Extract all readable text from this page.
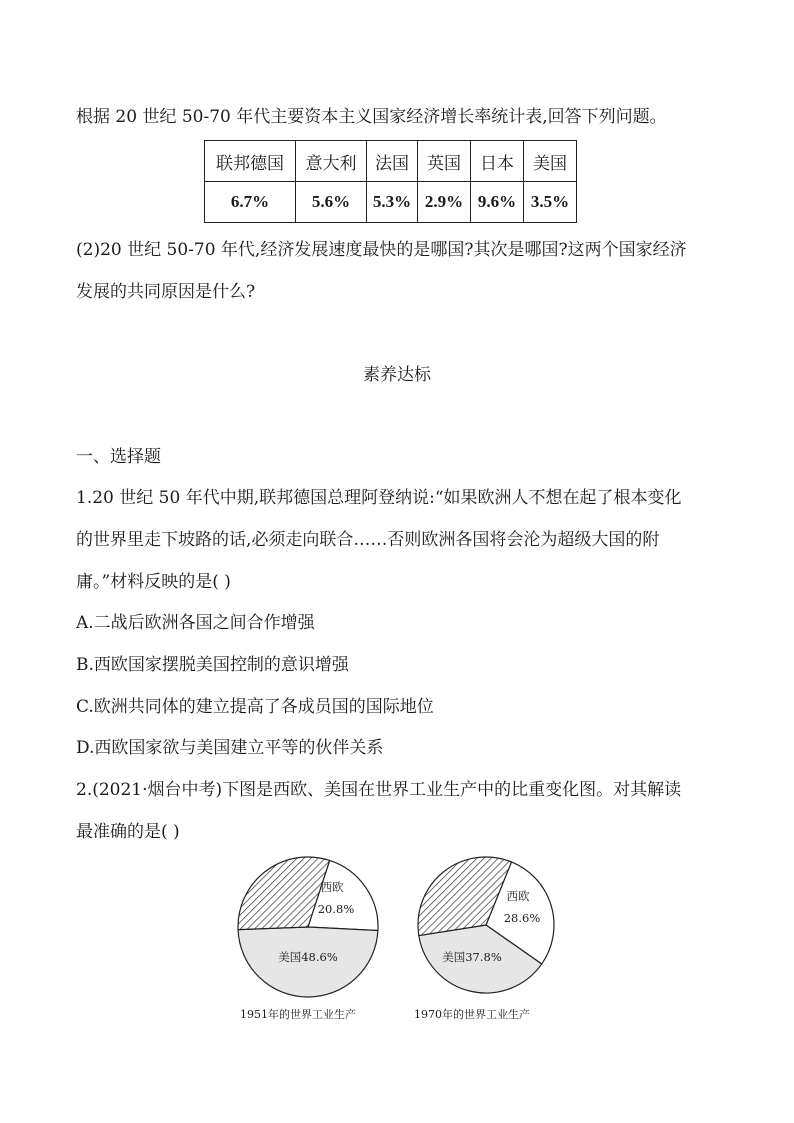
根据 20 世纪 50-70 年代主要资本主义国家经济增长率统计表,回答下列问题。
联邦德国	意大利	法国	英国	日本	美国
6.7%	5.6%	5.3%	2.9%	9.6%	3.5%
(2)20 世纪 50-70 年代,经济发展速度最快的是哪国?其次是哪国?这两个国家经济
发展的共同原因是什么?
素养达标
一、选择题
1.20 世纪 50 年代中期,联邦德国总理阿登纳说:“如果欧洲人不想在起了根本变化
的世界里走下坡路的话,必须走向联合……否则欧洲各国将会沦为超级大国的附
庸。”材料反映的是( )
A.二战后欧洲各国之间合作增强
B.西欧国家摆脱美国控制的意识增强
C.欧洲共同体的建立提高了各成员国的国际地位
D.西欧国家欲与美国建立平等的伙伴关系
2.(2021·烟台中考)下图是西欧、美国在世界工业生产中的比重变化图。对其解读
最准确的是( )
西欧
20.8%
美国48.6%
西欧
28.6%
美国37.8%
1951年的世界工业生产	1970年的世界工业生产
